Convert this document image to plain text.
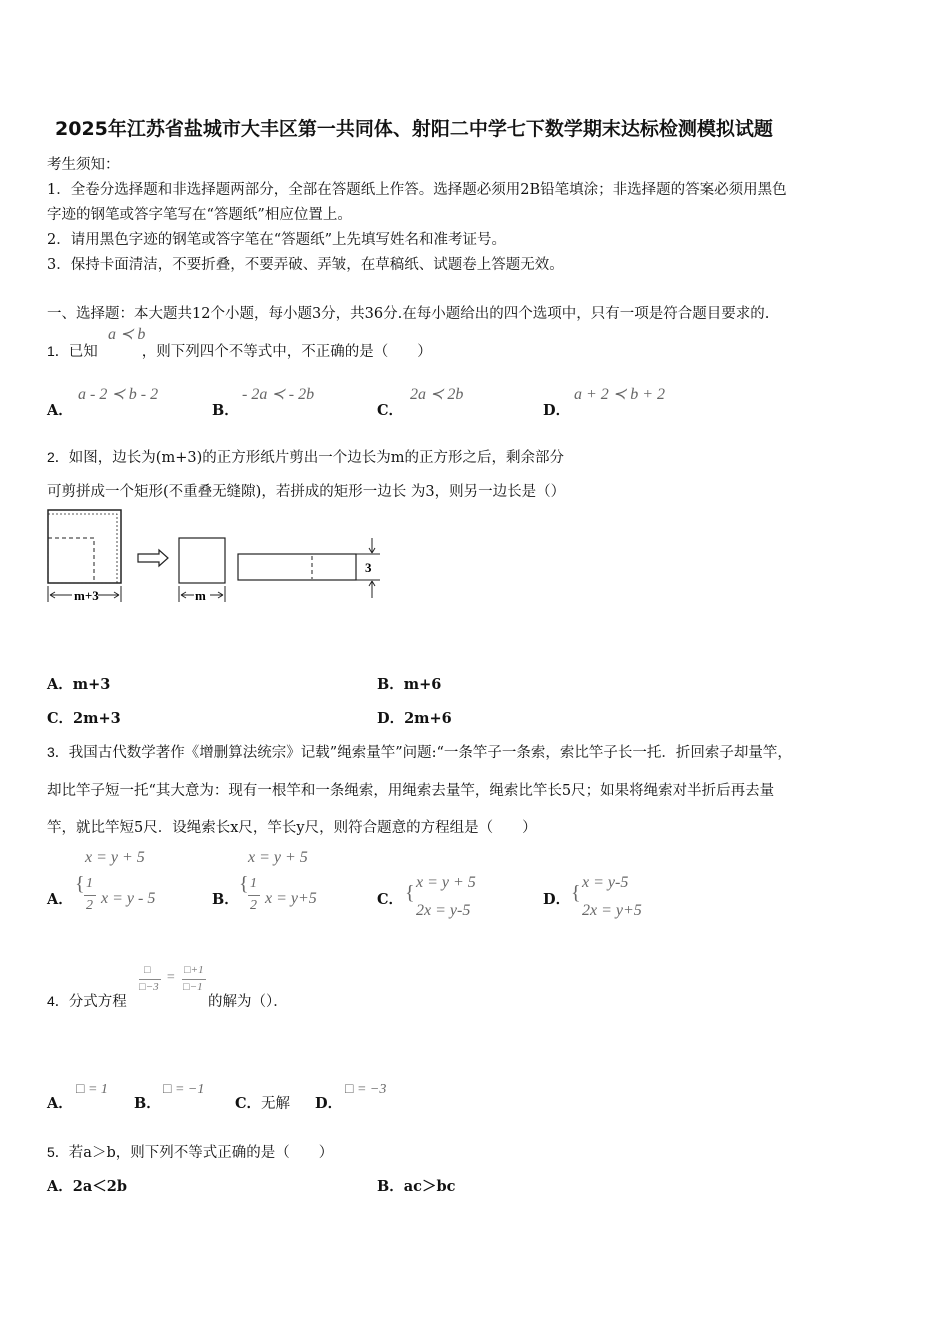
2025年江苏省盐城市大丰区第一共同体、射阳二中学七下数学期末达标检测模拟试题
考生须知：
1．全卷分选择题和非选择题两部分，全部在答题纸上作答。选择题必须用2B铅笔填涂；非选择题的答案必须用黑色
字迹的钢笔或答字笔写在“答题纸”相应位置上。
2．请用黑色字迹的钢笔或答字笔在“答题纸”上先填写姓名和准考证号。
3．保持卡面清洁，不要折叠，不要弄破、弄皱，在草稿纸、试题卷上答题无效。
一、选择题：本大题共12个小题，每小题3分，共36分.在每小题给出的四个选项中，只有一项是符合题目要求的.
1．已知	，则下列四个不等式中，不正确的是（　　）
a ≺ b
A．
a - 2 ≺ b - 2
B．
- 2a ≺ - 2b
C．
2a ≺ 2b
D．
a + 2 ≺ b + 2
2．如图，边长为(m+3)的正方形纸片剪出一个边长为m的正方形之后，剩余部分
可剪拼成一个矩形(不重叠无缝隙)，若拼成的矩形一边长 为3，则另一边长是（）
m+3	m
3
A．m+3	B．m+6
C．2m+3	D．2m+6
3．我国古代数学著作《增删算法统宗》记载”绳索量竿”问题:“一条竿子一条索，索比竿子长一托．折回索子却量竿，
却比竿子短一托“其大意为：现有一根竿和一条绳索，用绳索去量竿，绳索比竿长5尺；如果将绳索对半折后再去量
竿，就比竿短5尺．设绳索长x尺，竿长y尺，则符合题意的方程组是（　　）
A．
x = y + 5
{ 1
2 x = y - 5	B．
x = y + 5
{ 1
2 x = y+5	C． { x = y + 5
2x = y-5
D． { x = y-5
2x = y+5
4．分式方程
□
□−3
= □+1
□−1
的解为（）．
A．
□ = 1
B．
□ = −1
C．无解 D．
□ = −3
5．若a＞b，则下列不等式正确的是（　　）
A．2a＜2b	B．ac＞bc
